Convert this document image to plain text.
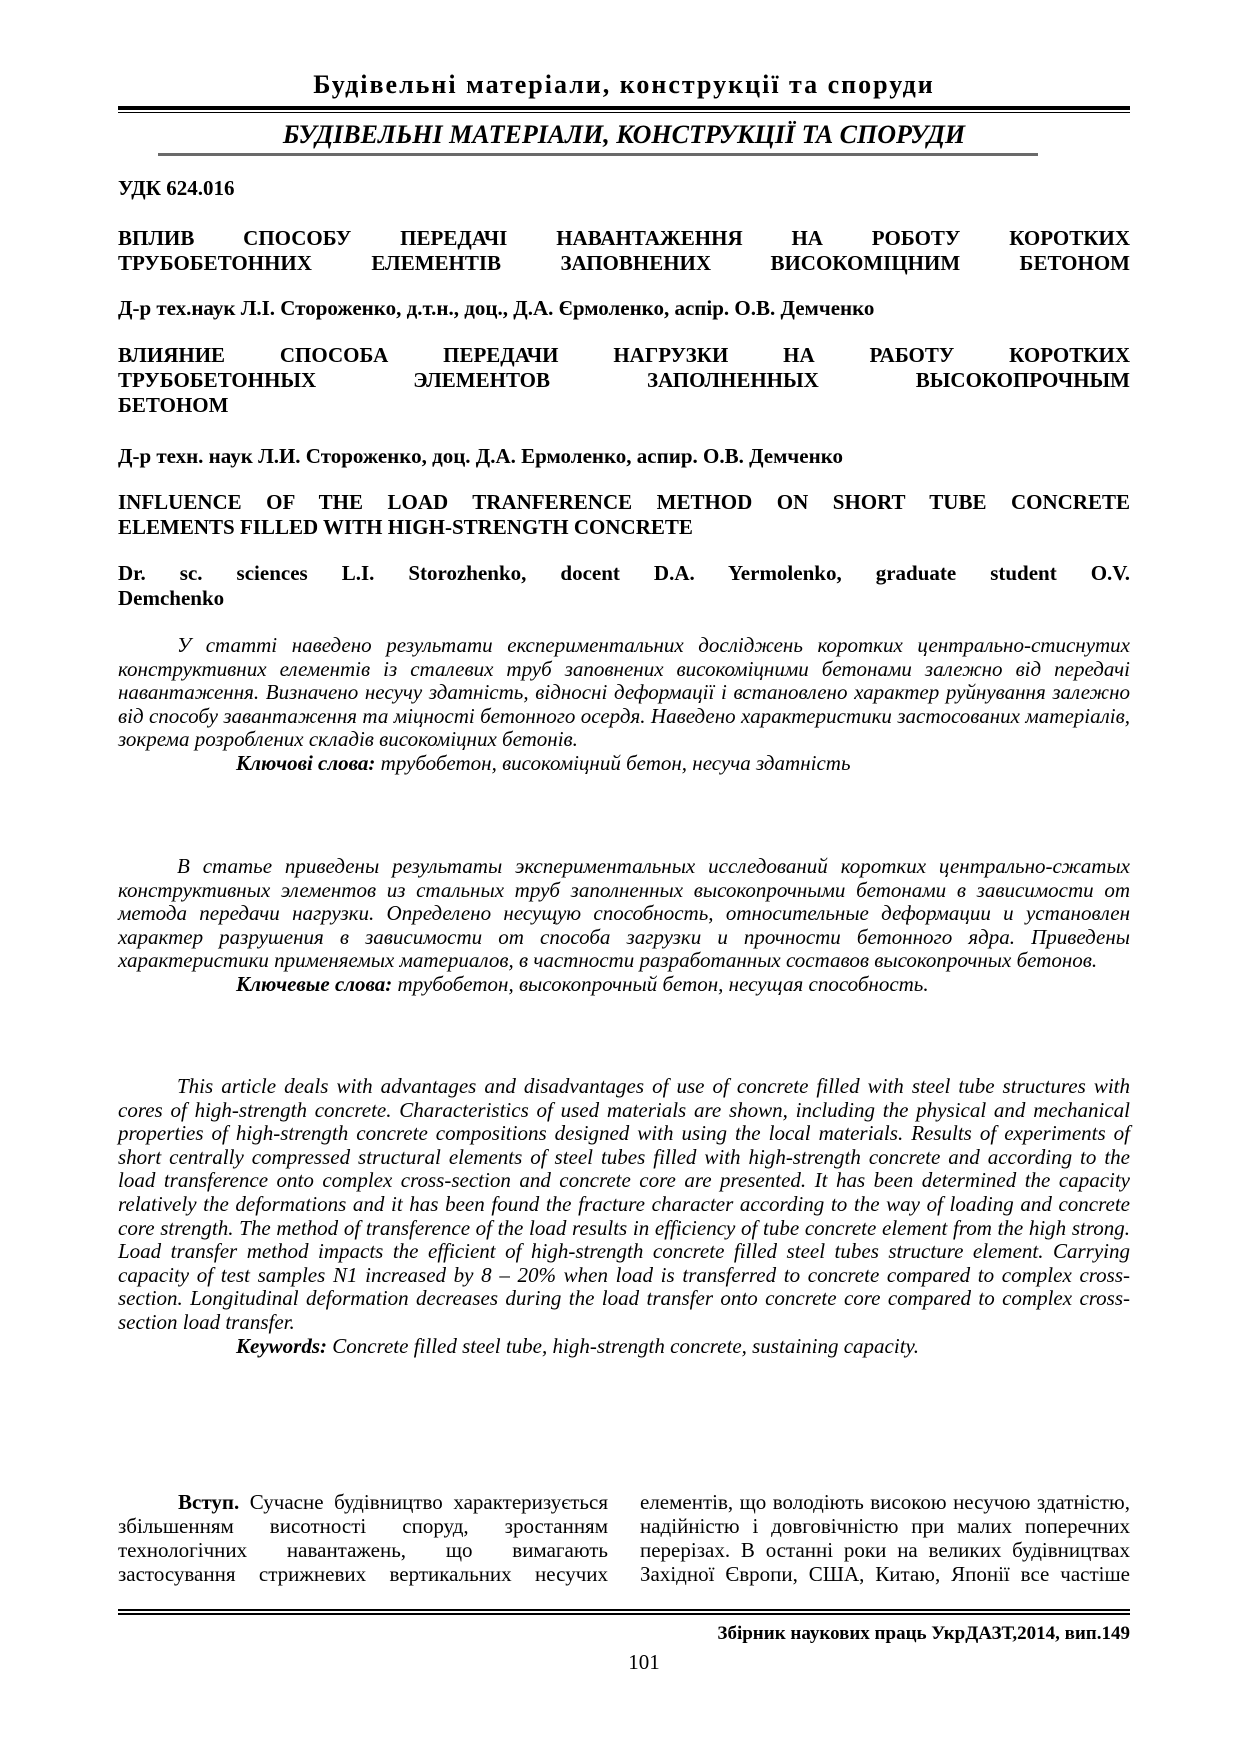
Будівельні матеріали, конструкції та споруди
БУДІВЕЛЬНІ МАТЕРІАЛИ, КОНСТРУКЦІЇ ТА СПОРУДИ
УДК 624.016
ВПЛИВ СПОСОБУ ПЕРЕДАЧІ НАВАНТАЖЕННЯ НА РОБОТУ КОРОТКИХ
ТРУБОБЕТОННИХ ЕЛЕМЕНТІВ ЗАПОВНЕНИХ ВИСОКОМІЦНИМ БЕТОНОМ
Д-р тех.наук Л.І. Стороженко, д.т.н., доц., Д.А. Єрмоленко, аспір. О.В. Демченко
ВЛИЯНИЕ СПОСОБА ПЕРЕДАЧИ НАГРУЗКИ НА РАБОТУ КОРОТКИХ
ТРУБОБЕТОННЫХ ЭЛЕМЕНТОВ ЗАПОЛНЕННЫХ ВЫСОКОПРОЧНЫМ
БЕТОНОМ
Д-р техн. наук Л.И. Стороженко, доц. Д.А. Ермоленко, аспир. О.В. Демченко
INFLUENCE OF THE LOAD TRANFERENCE METHOD ON SHORT TUBE CONCRETE
ELEMENTS FILLED WITH HIGH-STRENGTH CONCRETE
Dr. sc. sciences L.I. Storozhenko, docent D.A. Yermolenko, graduate student O.V.
Demchenko

У статті наведено результати експериментальних досліджень коротких центрально-стиснутих конструктивних елементів із сталевих труб заповнених високоміцними бетонами залежно від передачі навантаження. Визначено несучу здатність, відносні деформації і встановлено характер руйнування залежно від способу завантаження та міцності бетонного осердя. Наведено характеристики застосованих матеріалів, зокрема розроблених складів високоміцних бетонів.

Ключові слова: трубобетон, високоміцний бетон, несуча здатність

В статье приведены результаты экспериментальных исследований коротких центрально-сжатых конструктивных элементов из стальных труб заполненных высокопрочными бетонами в зависимости от метода передачи нагрузки. Определено несущую способность, относительные деформации и установлен характер разрушения в зависимости от способа загрузки и прочности бетонного ядра. Приведены характеристики применяемых материалов, в частности разработанных составов высокопрочных бетонов.

Ключевые слова: трубобетон, высокопрочный бетон, несущая способность.

This article deals with advantages and disadvantages of use of concrete filled with steel tube structures with cores of high-strength concrete. Characteristics of used materials are shown, including the physical and mechanical properties of high-strength concrete compositions designed with using the local materials. Results of experiments of short centrally compressed structural elements of steel tubes filled with high-strength concrete and according to the load transference onto complex cross-section and concrete core are presented. It has been determined the capacity relatively the deformations and it has been found the fracture character according to the way of loading and concrete core strength. The method of transference of the load results in efficiency of tube concrete element from the high strong. Load transfer method impacts the efficient of high-strength concrete filled steel tubes structure element. Carrying capacity of test samples N1 increased by 8 – 20% when load is transferred to concrete compared to complex cross-section. Longitudinal deformation decreases during the load transfer onto concrete core compared to complex cross-section load transfer.

Keywords: Concrete filled steel tube, high-strength concrete, sustaining capacity.

Вступ. Сучасне будівництво характеризується збільшенням висотності споруд, зростанням технологічних навантажень, що вимагають застосування стрижневих вертикальних несучих

елементів, що володіють високою несучою здатністю, надійністю і довговічністю при малих поперечних перерізах. В останні роки на великих будівництвах Західної Європи, США, Китаю, Японії все частіше

Збірник наукових праць УкрДАЗТ,2014, вип.149
101
